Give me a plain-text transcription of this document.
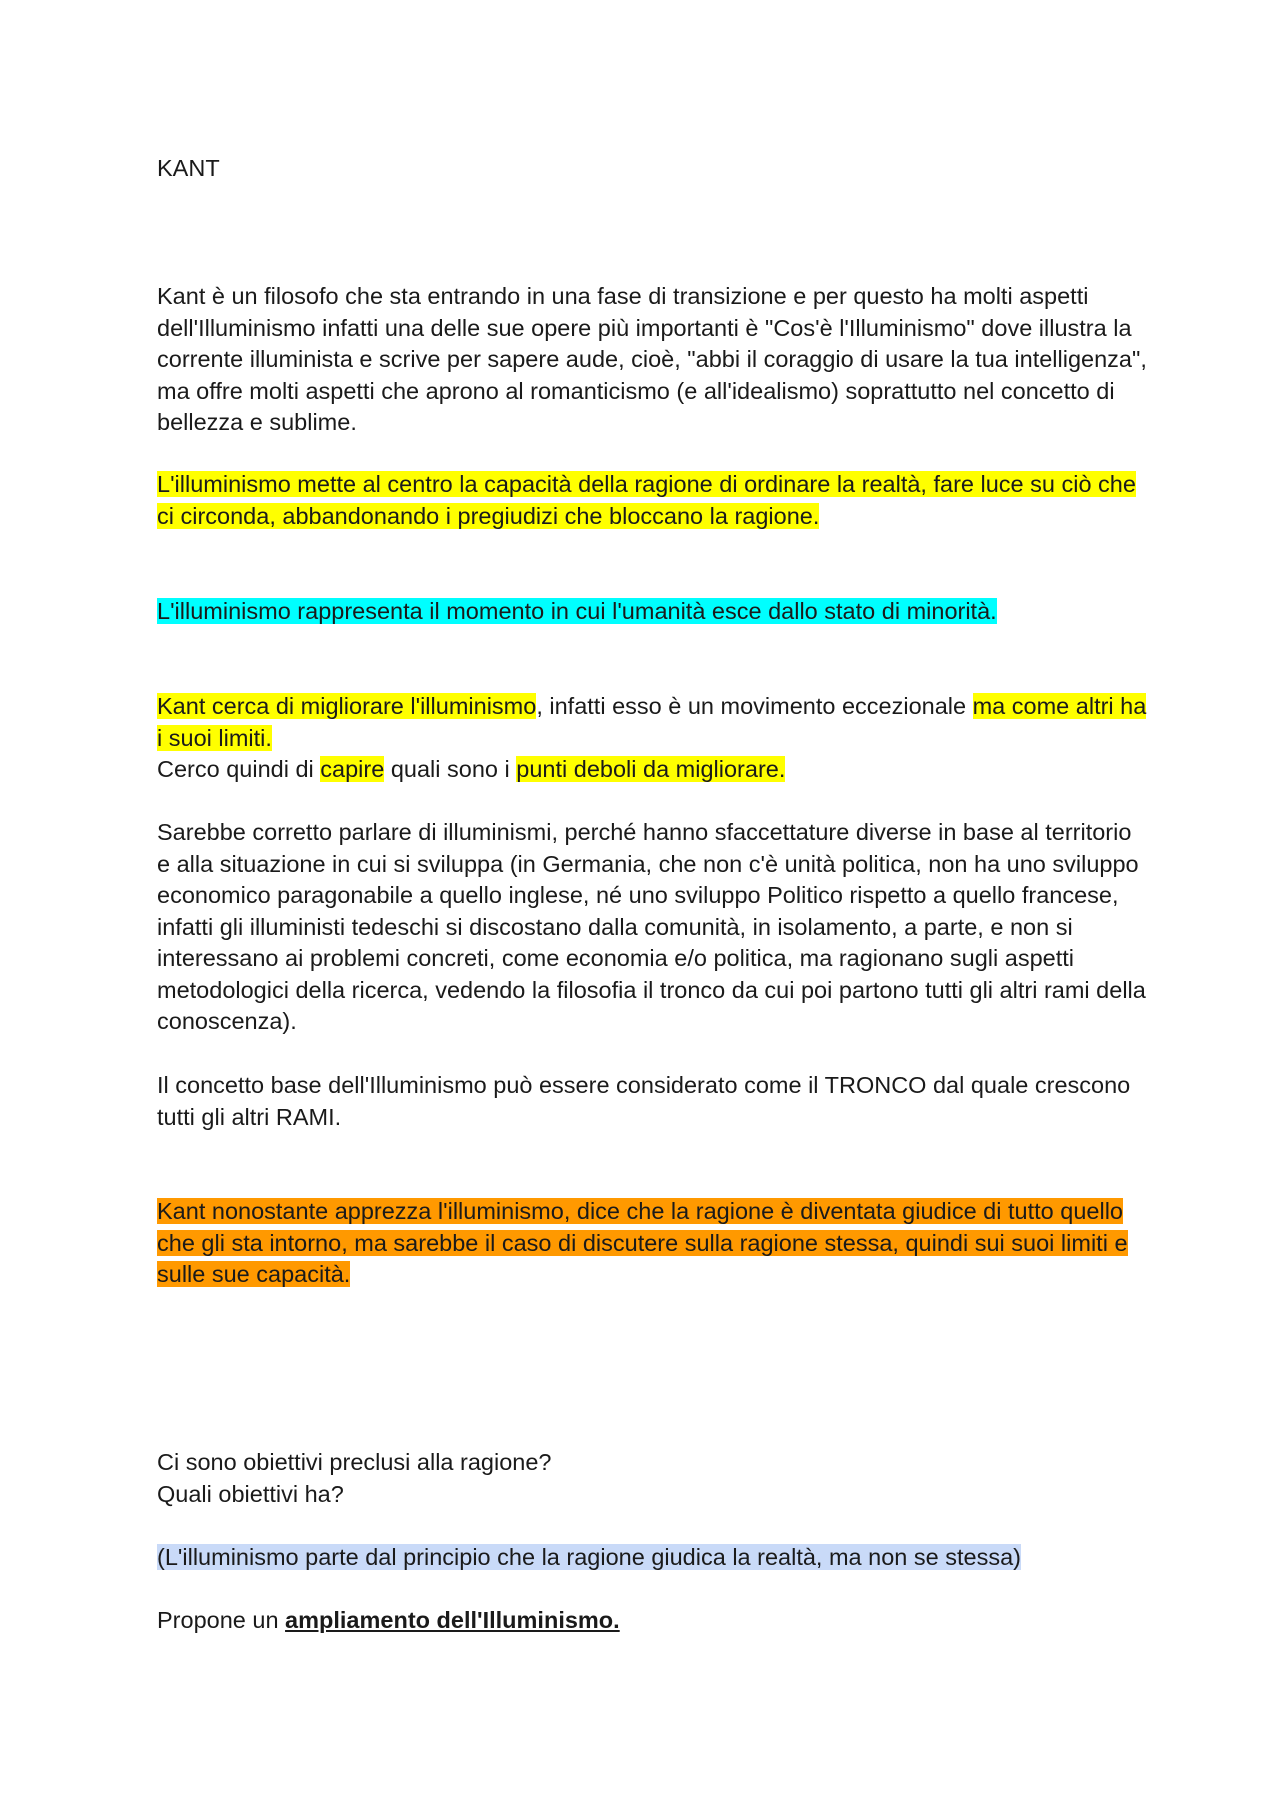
KANT

Kant è un filosofo che sta entrando in una fase di transizione e per questo ha molti aspetti dell'Illuminismo infatti una delle sue opere più importanti è "Cos'è l'Illuminismo" dove illustra la corrente illuminista e scrive per sapere aude, cioè, "abbi il coraggio di usare la tua intelligenza", ma offre molti aspetti che aprono al romanticismo (e all'idealismo) soprattutto nel concetto di bellezza e sublime.

L'illuminismo mette al centro la capacità della ragione di ordinare la realtà, fare luce su ciò che ci circonda, abbandonando i pregiudizi che bloccano la ragione.

L'illuminismo rappresenta il momento in cui l'umanità esce dallo stato di minorità.

Kant cerca di migliorare l'illuminismo, infatti esso è un movimento eccezionale ma come altri ha i suoi limiti.
Cerco quindi di capire quali sono i punti deboli da migliorare.

Sarebbe corretto parlare di illuminismi, perché hanno sfaccettature diverse in base al territorio e alla situazione in cui si sviluppa (in Germania, che non c'è unità politica, non ha uno sviluppo economico paragonabile a quello inglese, né uno sviluppo Politico rispetto a quello francese, infatti gli illuministi tedeschi si discostano dalla comunità, in isolamento, a parte, e non si interessano ai problemi concreti, come economia e/o politica, ma ragionano sugli aspetti metodologici della ricerca, vedendo la filosofia il tronco da cui poi partono tutti gli altri rami della conoscenza).

Il concetto base dell'Illuminismo può essere considerato come il TRONCO dal quale crescono tutti gli altri RAMI.

Kant nonostante apprezza l'illuminismo, dice che la ragione è diventata giudice di tutto quello che gli sta intorno, ma sarebbe il caso di discutere sulla ragione stessa, quindi sui suoi limiti e sulle sue capacità.

Ci sono obiettivi preclusi alla ragione?
Quali obiettivi ha?

(L'illuminismo parte dal principio che la ragione giudica la realtà, ma non se stessa)

Propone un ampliamento dell'Illuminismo.
